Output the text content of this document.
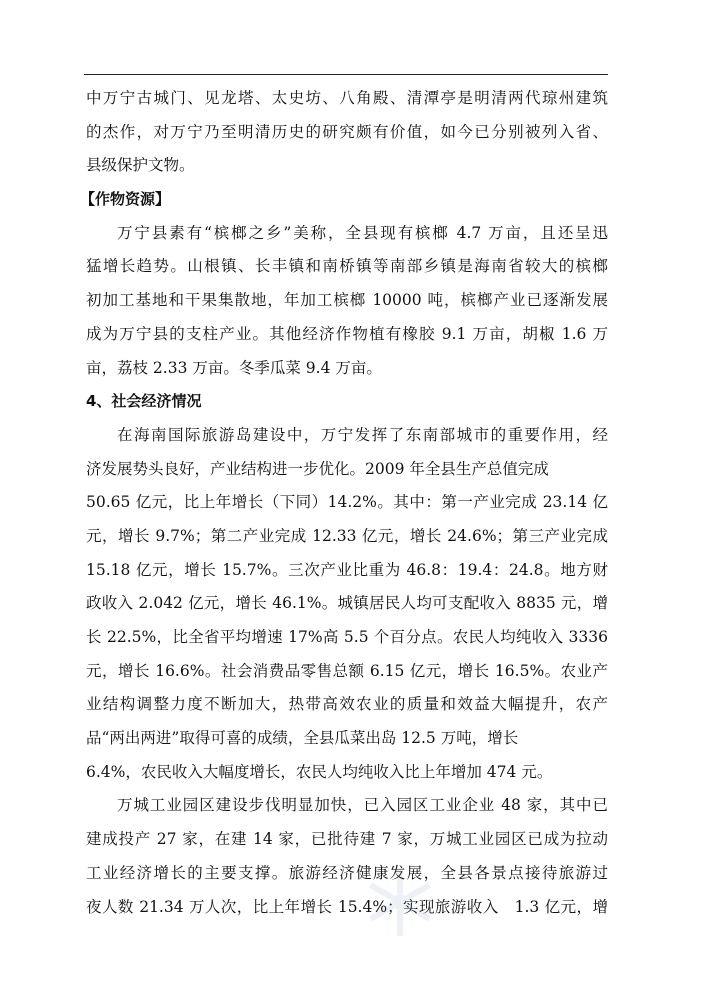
中万宁古城门、见龙塔、太史坊、八角殿、清潭亭是明清两代琼州建筑
的杰作，对万宁乃至明清历史的研究颇有价值，如今已分别被列入省、
县级保护文物。
【作物资源】
万宁县素有“槟榔之乡”美称，全县现有槟榔 4.7 万亩，且还呈迅
猛增长趋势。山根镇、长丰镇和南桥镇等南部乡镇是海南省较大的槟榔
初加工基地和干果集散地，年加工槟榔 10000 吨，槟榔产业已逐渐发展
成为万宁县的支柱产业。其他经济作物植有橡胶 9.1 万亩，胡椒 1.6 万
亩，荔枝 2.33 万亩。冬季瓜菜 9.4 万亩。
4、社会经济情况
在海南国际旅游岛建设中，万宁发挥了东南部城市的重要作用，经
济发展势头良好，产业结构进一步优化。2009 年全县生产总值完成
50.65 亿元，比上年增长（下同）14.2%。其中：第一产业完成 23.14 亿
元，增长 9.7%；第二产业完成 12.33 亿元，增长 24.6%；第三产业完成
15.18 亿元，增长 15.7%。三次产业比重为 46.8：19.4：24.8。地方财
政收入 2.042 亿元，增长 46.1%。城镇居民人均可支配收入 8835 元，增
长 22.5%，比全省平均增速 17%高 5.5 个百分点。农民人均纯收入 3336
元，增长 16.6%。社会消费品零售总额 6.15 亿元，增长 16.5%。农业产
业结构调整力度不断加大，热带高效农业的质量和效益大幅提升，农产
品“两出两进”取得可喜的成绩，全县瓜菜出岛 12.5 万吨，增长
6.4%，农民收入大幅度增长，农民人均纯收入比上年增加 474 元。
万城工业园区建设步伐明显加快，已入园区工业企业 48 家，其中已
建成投产 27 家，在建 14 家，已批待建 7 家，万城工业园区已成为拉动
工业经济增长的主要支撑。旅游经济健康发展，全县各景点接待旅游过
夜人数 21.34 万人次，比上年增长 15.4%；实现旅游收入　1.3 亿元，增
